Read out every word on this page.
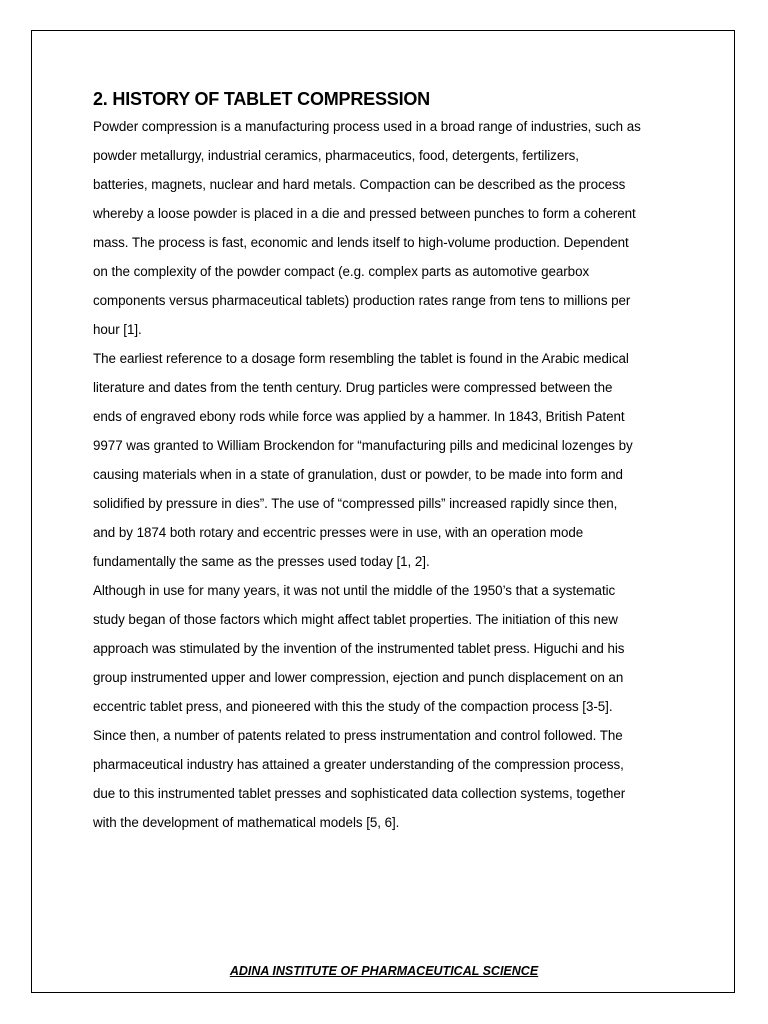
2. HISTORY OF TABLET COMPRESSION
Powder compression is a manufacturing process used in a broad range of industries, such as
powder metallurgy, industrial ceramics, pharmaceutics, food, detergents, fertilizers,
batteries, magnets, nuclear and hard metals. Compaction can be described as the process
whereby a loose powder is placed in a die and pressed between punches to form a coherent
mass. The process is fast, economic and lends itself to high-volume production. Dependent
on the complexity of the powder compact (e.g. complex parts as automotive gearbox
components versus pharmaceutical tablets) production rates range from tens to millions per
hour [1].
The earliest reference to a dosage form resembling the tablet is found in the Arabic medical
literature and dates from the tenth century. Drug particles were compressed between the
ends of engraved ebony rods while force was applied by a hammer. In 1843, British Patent
9977 was granted to William Brockendon for “manufacturing pills and medicinal lozenges by
causing materials when in a state of granulation, dust or powder, to be made into form and
solidified by pressure in dies”. The use of “compressed pills” increased rapidly since then,
and by 1874 both rotary and eccentric presses were in use, with an operation mode
fundamentally the same as the presses used today [1, 2].
Although in use for many years, it was not until the middle of the 1950’s that a systematic
study began of those factors which might affect tablet properties. The initiation of this new
approach was stimulated by the invention of the instrumented tablet press. Higuchi and his
group instrumented upper and lower compression, ejection and punch displacement on an
eccentric tablet press, and pioneered with this the study of the compaction process [3-5].
Since then, a number of patents related to press instrumentation and control followed. The
pharmaceutical industry has attained a greater understanding of the compression process,
due to this instrumented tablet presses and sophisticated data collection systems, together
with the development of mathematical models [5, 6].
ADINA INSTITUTE OF PHARMACEUTICAL SCIENCE
